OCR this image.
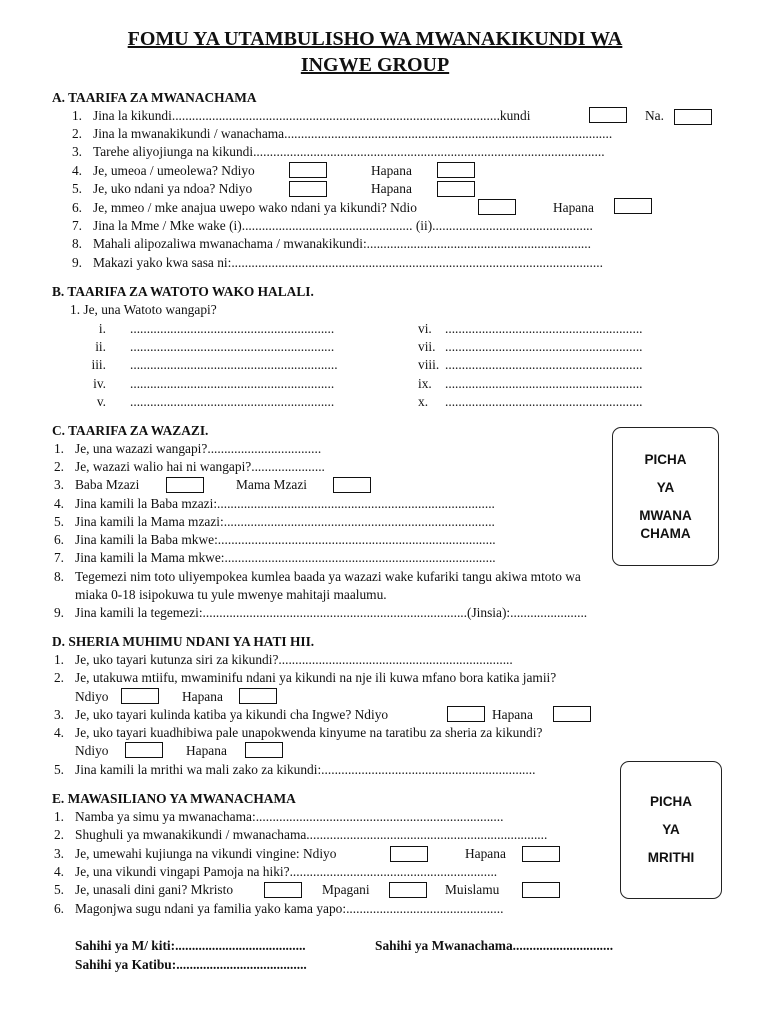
FOMU YA UTAMBULISHO WA MWANAKIKUNDI WA
INGWE GROUP
A. TAARIFA ZA MWANACHAMA
1. Jina la kikundi..................................................................................................kundi	Na.
2. Jina la mwanakikundi / wanachama..................................................................................................
3. Tarehe aliyojiunga na kikundi.........................................................................................................
4. Je, umeoa / umeolewa? Ndiyo	Hapana
5. Je, uko ndani ya ndoa? Ndiyo	Hapana
6. Je, mmeo / mke anajua uwepo wako ndani ya kikundi? Ndio	Hapana
7. Jina la Mme / Mke wake (i)................................................... (ii)................................................
8. Mahali alipozaliwa mwanachama / mwanakikundi:...................................................................
9. Makazi yako kwa sasa ni:...............................................................................................................
B. TAARIFA ZA WATOTO WAKO HALALI.
1. Je, una Watoto wangapi?
i. .............................................................
ii. .............................................................
iii. ..............................................................
iv. .............................................................
v. .............................................................
vi. ...........................................................
vii. ...........................................................
viii. ...........................................................
ix. ...........................................................
x. ...........................................................
C. TAARIFA ZA WAZAZI.
1. Je, una wazazi wangapi?..................................
2. Je, wazazi walio hai ni wangapi?......................
3. Baba Mzazi	Mama Mzazi
4. Jina kamili la Baba mzazi:...................................................................................
5. Jina kamili la Mama mzazi:.................................................................................
6. Jina kamili la Baba mkwe:...................................................................................
7. Jina kamili la Mama mkwe:.................................................................................
8. Tegemezi nim toto uliyempokea kumlea baada ya wazazi wake kufariki tangu akiwa mtoto wa
miaka 0-18 isipokuwa tu yule mwenye mahitaji maalumu.
9. Jina kamili la tegemezi:...............................................................................(Jinsia):.......................
PICHA
YA
MWANA
CHAMA
D. SHERIA MUHIMU NDANI YA HATI HII.
1. Je, uko tayari kutunza siri za kikundi?......................................................................
2. Je, utakuwa mtiifu, mwaminifu ndani ya kikundi na nje ili kuwa mfano bora katika jamii?
Ndiyo	Hapana
3. Je, uko tayari kulinda katiba ya kikundi cha Ingwe? Ndiyo	Hapana
4. Je, uko tayari kuadhibiwa pale unapokwenda kinyume na taratibu za sheria za kikundi?
Ndiyo	Hapana
5. Jina kamili la mrithi wa mali zako za kikundi:................................................................
E. MAWASILIANO YA MWANACHAMA
1. Namba ya simu ya mwanachama:..........................................................................
2. Shughuli ya mwanakikundi / mwanachama........................................................................
3. Je, umewahi kujiunga na vikundi vingine: Ndiyo	Hapana
4. Je, una vikundi vingapi Pamoja na hiki?..............................................................
5. Je, unasali dini gani? Mkristo	Mpagani	Muislamu
6. Magonjwa sugu ndani ya familia yako kama yapo:...............................................
PICHA
YA
MRITHI
Sahihi ya M/ kiti:.......................................	Sahihi ya Mwanachama..............................
Sahihi ya Katibu:.......................................
